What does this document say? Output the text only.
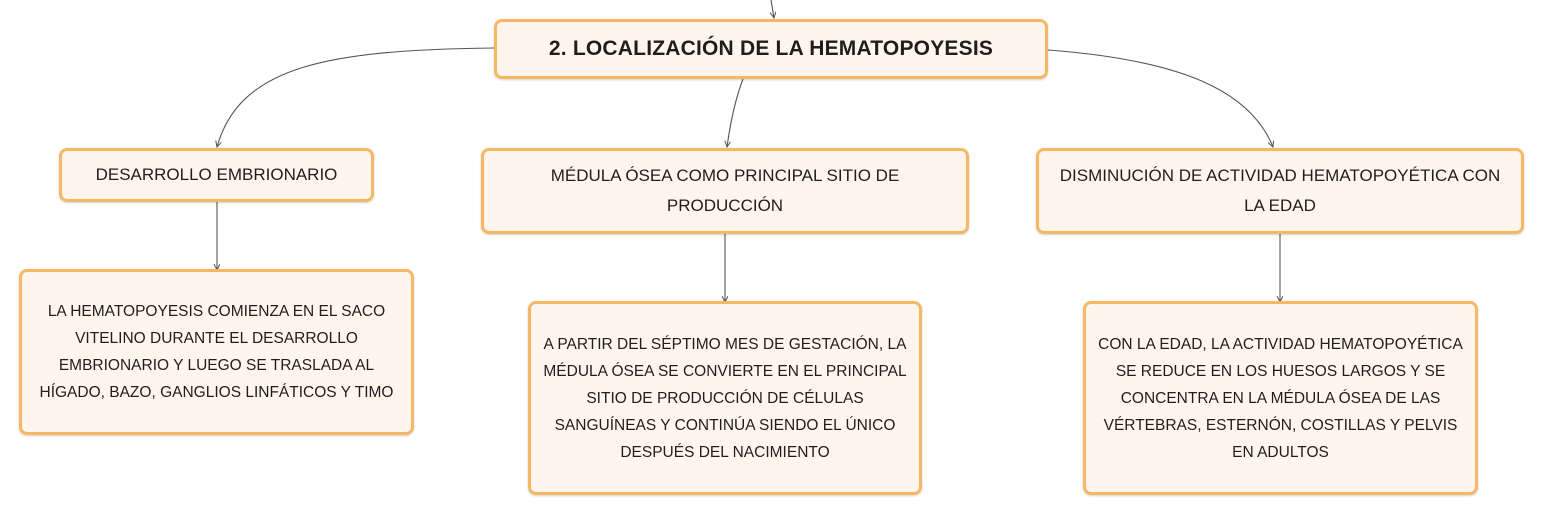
2. LOCALIZACIÓN DE LA HEMATOPOYESIS
DESARROLLO EMBRIONARIO	MÉDULA ÓSEA COMO PRINCIPAL SITIO DE PRODUCCIÓN
DISMINUCIÓN DE ACTIVIDAD HEMATOPOYÉTICA CON LA EDAD
LA HEMATOPOYESIS COMIENZA EN EL SACO VITELINO DURANTE EL DESARROLLO EMBRIONARIO Y LUEGO SE TRASLADA AL HÍGADO, BAZO, GANGLIOS LINFÁTICOS Y TIMO
A PARTIR DEL SÉPTIMO MES DE GESTACIÓN, LA MÉDULA ÓSEA SE CONVIERTE EN EL PRINCIPAL SITIO DE PRODUCCIÓN DE CÉLULAS SANGUÍNEAS Y CONTINÚA SIENDO EL ÚNICO DESPUÉS DEL NACIMIENTO
CON LA EDAD, LA ACTIVIDAD HEMATOPOYÉTICA SE REDUCE EN LOS HUESOS LARGOS Y SE CONCENTRA EN LA MÉDULA ÓSEA DE LAS VÉRTEBRAS, ESTERNÓN, COSTILLAS Y PELVIS EN ADULTOS
